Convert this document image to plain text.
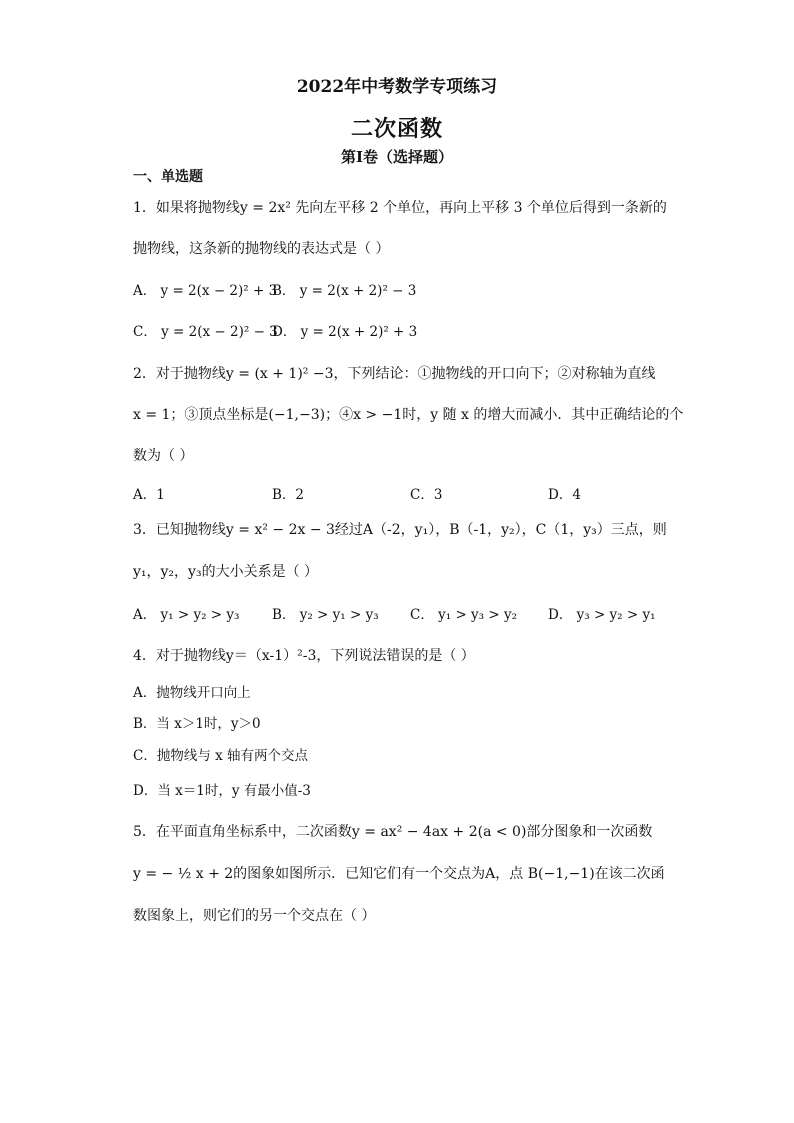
2022年中考数学专项练习
二次函数
第Ⅰ卷（选择题）
一、单选题
1．如果将抛物线y = 2x² 先向左平移 2 个单位，再向上平移 3 个单位后得到一条新的
抛物线，这条新的抛物线的表达式是（ ）
A． y = 2(x − 2)² + 3
B． y = 2(x + 2)² − 3
C． y = 2(x − 2)² − 3
D． y = 2(x + 2)² + 3
2．对于抛物线y = (x + 1)² −3，下列结论：①抛物线的开口向下；②对称轴为直线
x = 1；③顶点坐标是(−1,−3)；④x > −1时，y 随 x 的增大而减小．其中正确结论的个
数为（ ）
A．1	B．2	C．3	D．4
3．已知抛物线y = x² − 2x − 3经过A（-2，y₁），B（-1，y₂），C（1，y₃）三点，则
y₁，y₂，y₃的大小关系是（ ）
A． y₁ > y₂ > y₃ B． y₂ > y₁ > y₃ C． y₁ > y₃ > y₂ D． y₃ > y₂ > y₁
4．对于抛物线y＝（x-1）²-3，下列说法错误的是（ ）
A．抛物线开口向上
B．当 x＞1时，y＞0
C．抛物线与 x 轴有两个交点
D．当 x＝1时，y 有最小值-3
5．在平面直角坐标系中，二次函数y = ax² − 4ax + 2(a < 0)部分图象和一次函数
y = − ½ x + 2的图象如图所示．已知它们有一个交点为A，点 B(−1,−1)在该二次函
数图象上，则它们的另一个交点在（ ）
